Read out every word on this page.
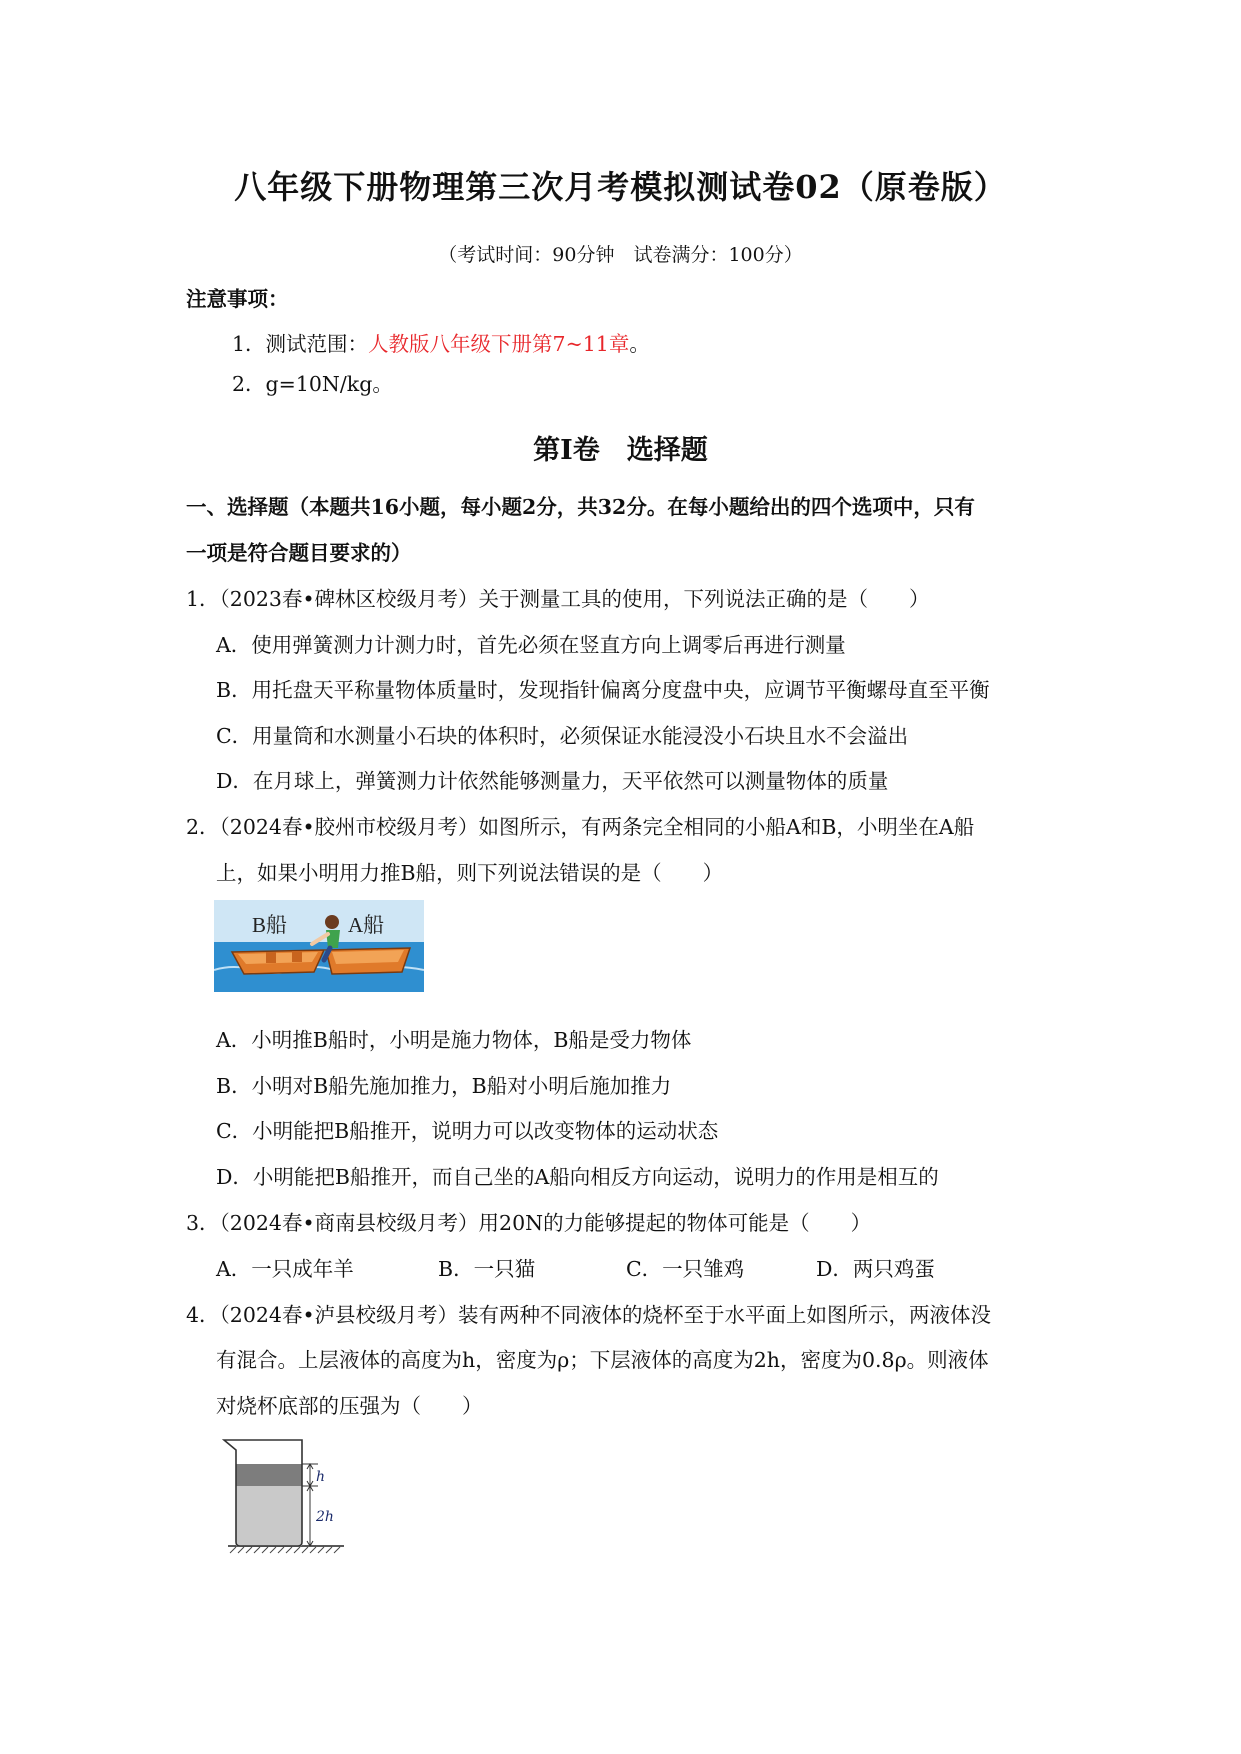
八年级下册物理第三次月考模拟测试卷02（原卷版）
（考试时间：90分钟　试卷满分：100分）
注意事项：
1．测试范围：人教版八年级下册第7~11章。
2．g=10N/kg。
第Ⅰ卷　选择题
一、选择题（本题共16小题，每小题2分，共32分。在每小题给出的四个选项中，只有
一项是符合题目要求的）
1．（2023春•碑林区校级月考）关于测量工具的使用，下列说法正确的是（　　）
A．使用弹簧测力计测力时，首先必须在竖直方向上调零后再进行测量
B．用托盘天平称量物体质量时，发现指针偏离分度盘中央，应调节平衡螺母直至平衡
C．用量筒和水测量小石块的体积时，必须保证水能浸没小石块且水不会溢出
D．在月球上，弹簧测力计依然能够测量力，天平依然可以测量物体的质量
2．（2024春•胶州市校级月考）如图所示，有两条完全相同的小船A和B，小明坐在A船
上，如果小明用力推B船，则下列说法错误的是（　　）
B船	A船
A．小明推B船时，小明是施力物体，B船是受力物体
B．小明对B船先施加推力，B船对小明后施加推力
C．小明能把B船推开，说明力可以改变物体的运动状态
D．小明能把B船推开，而自己坐的A船向相反方向运动，说明力的作用是相互的
3．（2024春•商南县校级月考）用20N的力能够提起的物体可能是（　　）
A．一只成年羊	B．一只猫	C．一只雏鸡	D．两只鸡蛋
4．（2024春•泸县校级月考）装有两种不同液体的烧杯至于水平面上如图所示，两液体没
有混合。上层液体的高度为h，密度为ρ；下层液体的高度为2h，密度为0.8ρ。则液体
对烧杯底部的压强为（　　）
h
2h
